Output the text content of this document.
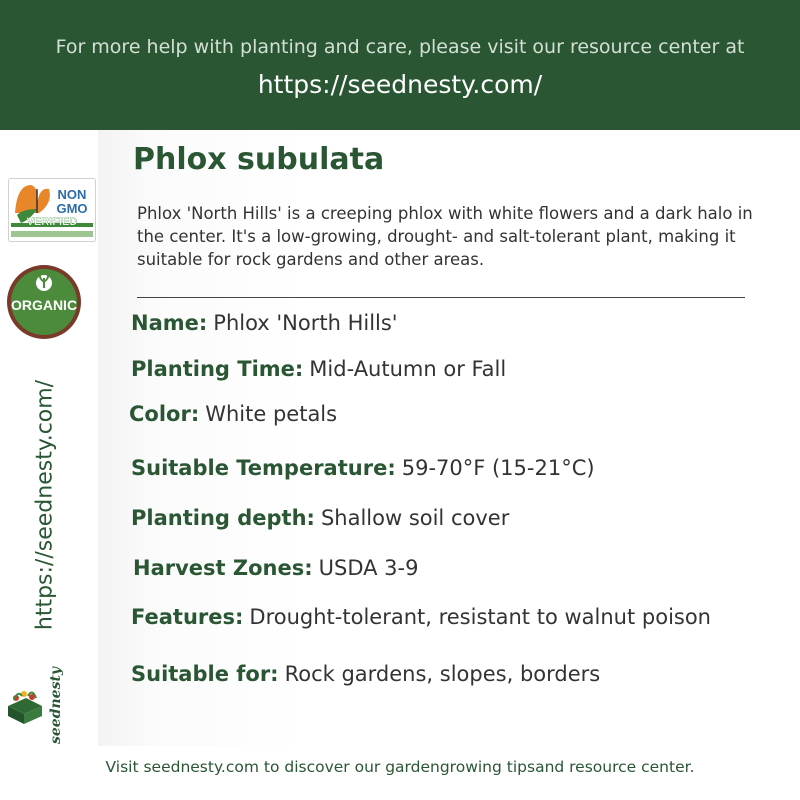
For more help with planting and care, please visit our resource center at
https://seednesty.com/
Phlox subulata
Phlox 'North Hills' is a creeping phlox with white flowers and a dark halo in the center. It's a low-growing, drought- and salt-tolerant plant, making it suitable for rock gardens and other areas.
Name: Phlox 'North Hills'
Planting Time: Mid-Autumn or Fall
Color: White petals
Suitable Temperature: 59-70°F (15-21°C)
Planting depth: Shallow soil cover
Harvest Zones: USDA 3-9
Features: Drought-tolerant, resistant to walnut poison
Suitable for: Rock gardens, slopes, borders
NON
GMO
VERIFIED
ORGANIC
https://seednesty.com/
seednesty
Visit seednesty.com to discover our gardengrowing tipsand resource center.
